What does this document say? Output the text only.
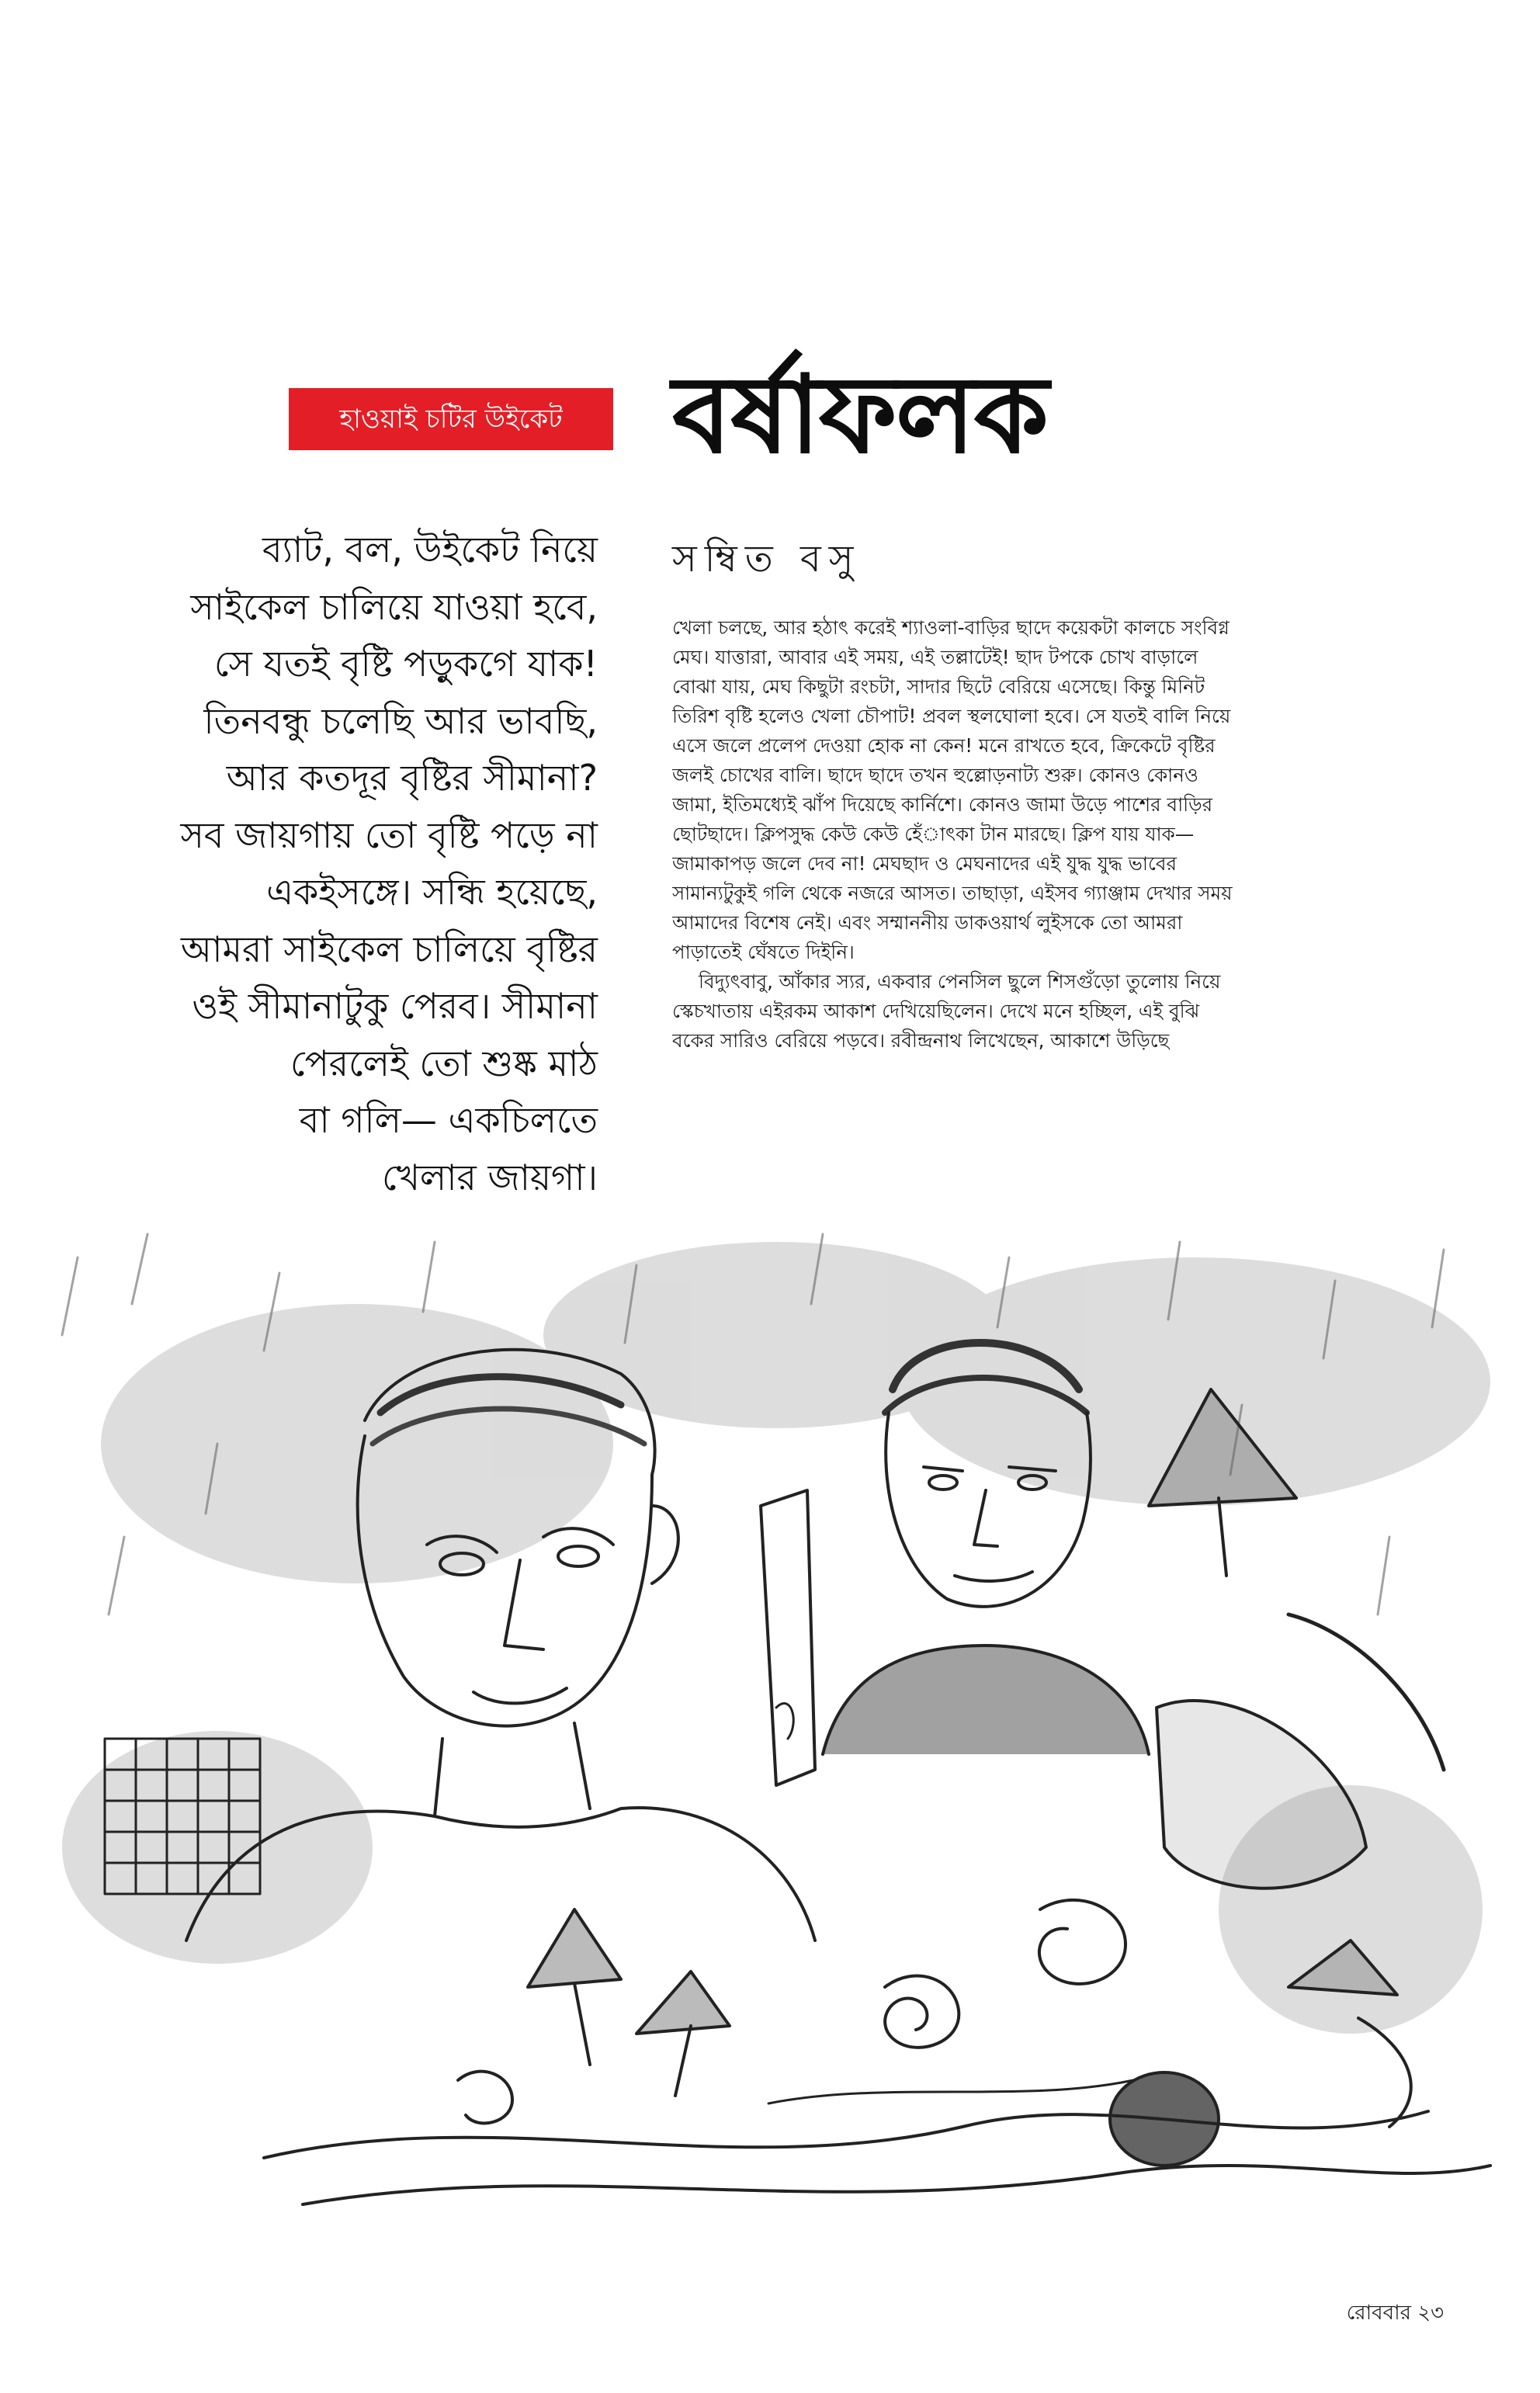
হাওয়াই চটির উইকেট বর্ষাফলক
ব্যাট, বল, উইকেট নিয়ে
সাইকেল চালিয়ে যাওয়া হবে,
সে যতই বৃষ্টি পড়ুকগে যাক!
তিনবন্ধু চলেছি আর ভাবছি,
আর কতদূর বৃষ্টির সীমানা?
সব জায়গায় তো বৃষ্টি পড়ে না
একইসঙ্গে। সন্ধি হয়েছে,
আমরা সাইকেল চালিয়ে বৃষ্টির
ওই সীমানাটুকু পেরব। সীমানা
পেরলেই তো শুষ্ক মাঠ
বা গলি— একচিলতে
খেলার জায়গা।
সম্বিত বসু
খেলা চলছে, আর হঠাৎ করেই শ্যাওলা-বাড়ির ছাদে কয়েকটা কালচে সংবিগ্ন
মেঘ। যাত্তারা, আবার এই সময়, এই তল্লাটেই! ছাদ টপকে চোখ বাড়ালে
বোঝা যায়, মেঘ কিছুটা রংচটা, সাদার ছিটে বেরিয়ে এসেছে। কিন্তু মিনিট
তিরিশ বৃষ্টি হলেও খেলা চৌপাট! প্রবল স্থলঘোলা হবে। সে যতই বালি নিয়ে
এসে জলে প্রলেপ দেওয়া হোক না কেন! মনে রাখতে হবে, ক্রিকেটে বৃষ্টির
জলই চোখের বালি। ছাদে ছাদে তখন হুল্লোড়নাট্য শুরু। কোনও কোনও
জামা, ইতিমধ্যেই ঝাঁপ দিয়েছে কার্নিশে। কোনও জামা উড়ে পাশের বাড়ির
ছোটছাদে। ক্লিপসুদ্ধ কেউ কেউ হেঁাৎকা টান মারছে। ক্লিপ যায় যাক—
জামাকাপড় জলে দেব না! মেঘছাদ ও মেঘনাদের এই যুদ্ধ যুদ্ধ ভাবের
সামান্যটুকুই গলি থেকে নজরে আসত। তাছাড়া, এইসব গ্যাঞ্জাম দেখার সময়
আমাদের বিশেষ নেই। এবং সম্মাননীয় ডাকওয়ার্থ লুইসকে তো আমরা
পাড়াতেই ঘেঁষতে দিইনি।
বিদ্যুৎবাবু, আঁকার স্যর, একবার পেনসিল ছুলে শিসগুঁড়ো তুলোয় নিয়ে
স্কেচখাতায় এইরকম আকাশ দেখিয়েছিলেন। দেখে মনে হচ্ছিল, এই বুঝি
বকের সারিও বেরিয়ে পড়বে। রবীন্দ্রনাথ লিখেছেন, আকাশে উড়িছে
রোববার ২৩
